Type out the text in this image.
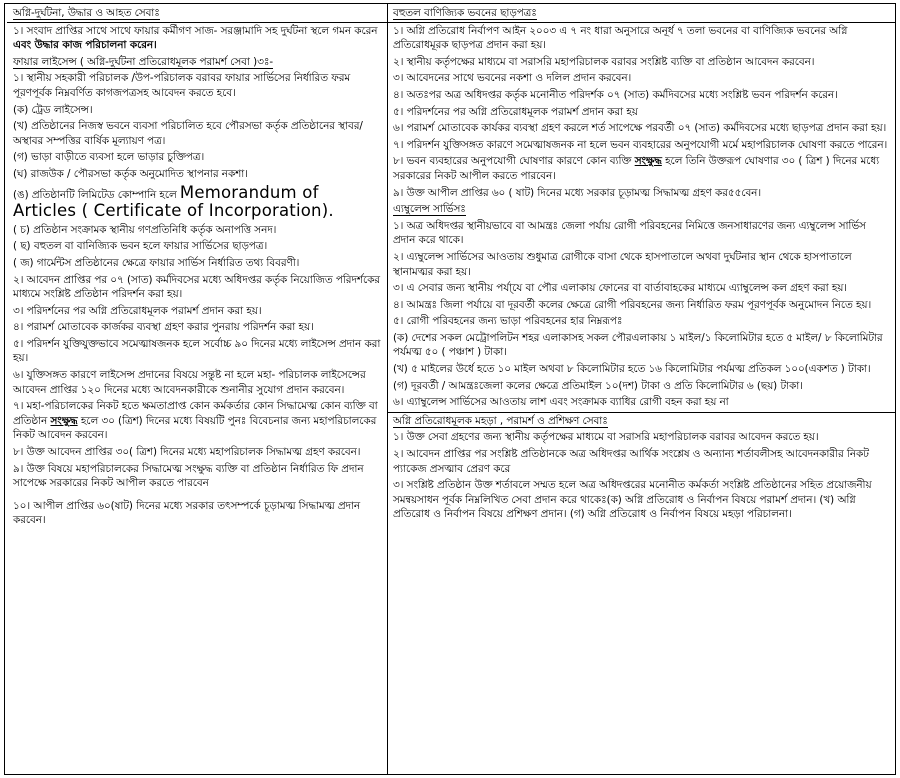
অগ্নি-দুর্ঘটনা, উদ্ধার ও আহত সেবাঃ
১। সংবাদ প্রাপ্তির সাথে সাথে ফায়ার কর্মীগণ সাজ- সরঞ্জামাদি সহ দুর্ঘটনা স্থলে গমন করেন এবং উদ্ধার কাজ পরিচালনা করেন।
ফায়ার লাইসেন্স ( অগ্নি-দুর্ঘটনা প্রতিরোধমূলক পরামর্শ সেবা )৩ঃ-
১। স্থানীয় সহকারী পরিচালক /উপ-পরিচালক বরাবর ফায়ার সার্ভিসের নির্ধারিত ফরম পূরণপূর্বক নিম্নবর্ণিত কাগজপত্রসহ আবেদন করতে হবে।
(ক) ট্রেড লাইসেন্স।
(খ) প্রতিষ্ঠানের নিজস্ব ভবনে ব্যবসা পরিচালিত হবে পৌরসভা কর্তৃক প্রতিষ্ঠানের স্থাবর/অস্থাবর সম্পত্তির বার্ষিক মূল্যায়ণ পত্র।
(গ) ভাড়া বাড়ীতে ব্যবসা হলে ভাড়ার চুক্তিপত্র।
(ঘ) রাজউক / পৌরসভা কর্তৃক অনুমোদিত স্থাপনার নকশা।
(ঙ) প্রতিষ্ঠানটি লিমিটেড কোম্পানি হলে Memorandum of Articles ( Certificate of Incorporation).
( চ) প্রতিষ্ঠান সংক্রামক স্থানীয় গণপ্রতিনিধি কর্তৃক অনাপত্তি সনদ।
( ছ) বহুতল বা বানিজ্যিক ভবন হলে ফায়ার সার্ভিসের ছাড়পত্র।
( জ) গার্মেন্টস প্রতিষ্ঠানের ক্ষেত্রে ফায়ার সার্ভিস নির্ধারিত তথ্য বিবরণী।
২। আবেদন প্রাপ্তির পর ০৭ (সাত) কর্মদিবসের মধ্যে অধিদপ্তর কর্তৃক নিয়োজিত পরিদর্শকের মাধ্যমে সংশ্লিষ্ট প্রতিষ্ঠান পরিদর্শন করা হয়।
৩। পরিদর্শনের পর অগ্নি প্রতিরোধমূলক পরামর্শ প্রদান করা হয়।
৪। পরামর্শ মোতাবেক কার্জকর ব্যবস্থা গ্রহণ করার পুনরায় পরিদর্শন করা হয়।
৫। পরিদর্শন যুক্তিযুক্তভাবে সমেত্মাষজনক হলে সর্বোচ্চ ৯০ দিনের মধ্যে লাইসেন্স প্রদান করা হয়।
৬। যুক্তিসঙ্গত কারণে লাইসেন্স প্রদানের বিষয়ে সন্তুষ্ট না হলে মহা- পরিচালক লাইসেন্সের আবেদন প্রাপ্তির ১২০ দিনের মধ্যে আবেদনকারীকে শুনানীর সুযোগ প্রদান করবেন।
৭। মহা-পরিচালকের নিকট হতে ক্ষমতাপ্রাপ্ত কোন কর্মকর্তার কোন সিদ্ধামেত্ম কোন ব্যক্তি বা প্রতিষ্ঠান সংক্ষুদ্ধ হলে ৩০ (ত্রিশ) দিনের মধ্যে বিষয়টি পুনঃ বিবেচনার জন্য মহাপরিচালকের নিকট আবেদন করবেন।
৮। উক্ত আবেদন প্রাপ্তির ৩০( ত্রিশ) দিনের মধ্যে মহাপরিচালক সিদ্ধামত্ম গ্রহণ করবেন।
৯। উক্ত বিষয়ে মহাপরিচালকের সিদ্ধামেত্ম সংক্ষুদ্ধ ব্যক্তি বা প্রতিষ্ঠান নির্ধারিত ফি প্রদান সাপেক্ষে সরকারের নিকট আপীল করতে পারবেন
১০। আপীল প্রাপ্তির ৬০(ষাট) দিনের মধ্যে সরকার তৎসম্পর্কে চূড়ামত্ম সিদ্ধামত্ম প্রদান করবেন।
বহুতল বাণিজ্যিক ভবনের ছাড়পত্রঃ
১। অগ্নি প্রতিরোধ নির্বাপণ আইন ২০০৩ এ ৭ নং ধারা অনুসারে অনূর্ধ ৭ তলা ভবনের বা বাণিজ্যিক ভবনের অগ্নি প্রতিরোধমূরক ছাড়পত্র প্রদান করা হয়।
২। স্থানীয় কর্তৃপক্ষের মাধ্যমে বা সরাসরি মহাপরিচালক বরাবর সংশ্লিষ্ট ব্যক্তি বা প্রতিষ্ঠান আবেদন করবেন।
৩। আবেদনের সাথে ভবনের নকশা ও দলিল প্রদান করবেন।
৪। অতঃপর অত্র অধিদপ্তর কর্তৃক মনোনীত পরিদর্শক ০৭ (সাত) কর্মদিবসের মধ্যে সংশ্লিষ্ট ভবন পরিদর্শন করেন।
৫। পরিদর্শনের পর অগ্নি প্রতিরোধমূলক পরামর্শ প্রদান করা হয়
৬। পরামর্শ মোতাবেক কার্যকর ব্যবস্থা গ্রহণ করলে শর্ত সাপেক্ষে পরবর্তী ০৭ (সাত) কর্মদিবসের মধ্যে ছাড়পত্র প্রদান করা হয়।
৭। পরিদর্শন যুক্তিসঙ্গত কারণে সমেত্মাষজনক না হলে ভবন ব্যবহারের অনুপযোগী মর্মে মহাপরিচালক ঘোষণা করতে পারেন।
৮। ভবন ব্যবহারের অনুপযোগী ঘোষণার কারণে কোন ব্যক্তি সংক্ষুদ্ধ হলে তিনি উক্তরূপ ঘোষণার ৩০ ( ত্রিশ ) দিনের মধ্যে সরকারের নিকট আপীল করতে পারবেন।
৯। উক্ত আপীল প্রাপ্তির ৬০ ( ষাট) দিনের মধ্যে সরকার চূড়ামত্ম সিদ্ধামত্ম গ্রহণ কর৫৫বেন।
এ্যম্বুলেন্স সার্ভিসঃ
১। অত্র অধিদপ্তর স্থানীয়ভাবে বা আমন্ত্রঃ জেলা পর্যায় রোগী পরিবহনের নিমিত্তে জনসাধারণের জন্য এ্যম্বুলেন্স সার্ভিস প্রদান করে থাকে।
২। এ্যম্বুলেন্স সার্ভিসের আওতায় শুধুমাত্র রোগীকে বাসা থেকে হাসপাতালে অথবা দুর্ঘটনার স্থান থেকে হাসপাতালে স্থানামত্মর করা হয়।
৩। এ সেবার জন্য স্থানীয় পর্যা্যে বা পৌর এলাকায় ফোনের বা বার্তাবাহকের মাধ্যমে এ্যাম্বুলেন্স কল গ্রহণ করা হয়।
৪। আমন্ত্রঃ জিলা পর্যায়ে বা দূরবর্তী কলের ক্ষেত্রে রোগী পরিবহনের জন্য নির্ধারিত ফরম পূরণপূর্বক অনুমোদন নিতে হয়।
৫। রোগী পরিবহনের জন্য ভাড়া পরিবহনের হার নিম্নরূপঃ
(ক) দেশের সকল মেট্রোপলিটন শহর এলাকাসহ সকল পৌরএলাকায় ১ মাইল/১ কিলোমিটার হতে ৫ মাইল/ ৮ কিলোমিটার পর্যমত্ম ৫০ ( পঞ্চাশ ) টাকা।
(খ) ৫ মাইলের উর্ধে হতে ১০ মাইল অথবা ৮ কিলোমিটার হতে ১৬ কিলোমিটার পর্যমত্ম প্রতিকল ১০০(একশত ) টাকা।
(গ) দূরবর্তী / আমন্ত্রঃজেলা কলের ক্ষেত্রে প্রতিমাইল ১০(দশ) টাকা ও প্রতি কিলোমিটার ৬ (ছয়) টাকা।
৬। এ্যাম্বুলেন্স সার্ভিসের আওতায় লাশ এবং সংক্রামক ব্যাধির রোগী বহন করা হয় না
অগ্নি প্রতিরোধমূলক মহড়া , পরামর্শ ও প্রশিক্ষণ সেবাঃ
১। উক্ত সেবা গ্রহণের জন্য স্থানীয় কর্তৃপক্ষের মাধ্যমে বা সরাসরি মহাপরিচালক বরাবর আবেদন করতে হয়।
২। আবেদন প্রাপ্তির পর সংশ্লিষ্ট প্রতিষ্ঠানকে অত্র অধিদপ্তর আর্থিক সংশ্লেষ ও অন্যান্য শর্তাবলীসহ আবেদনকারীর নিকট প্যাকেজ প্রসত্মাব প্রেরণ করে
৩। সংশ্লিষ্ট প্রতিষ্ঠান উক্ত শর্তাবলে সম্মত হলে অত্র অধিদপ্তরের মনোনীত কর্মকর্তা সংশ্লিষ্ট প্রতিষ্ঠানের সহিত প্রয়োজনীয় সমন্বয়সাধন পূর্বক নিম্নলিখিত সেবা প্রদান করে থাকেঃ(ক) অগ্নি প্রতিরোধ ও নির্বাপন বিষয়ে পরামর্শ প্রদান। (খ) অগ্নি প্রতিরোধ ও নির্বাপন বিষয়ে প্রশিক্ষণ প্রদান। (গ) অগ্নি প্রতিরোধ ও নির্বাপন বিষয়ে মহড়া পরিচালনা।
